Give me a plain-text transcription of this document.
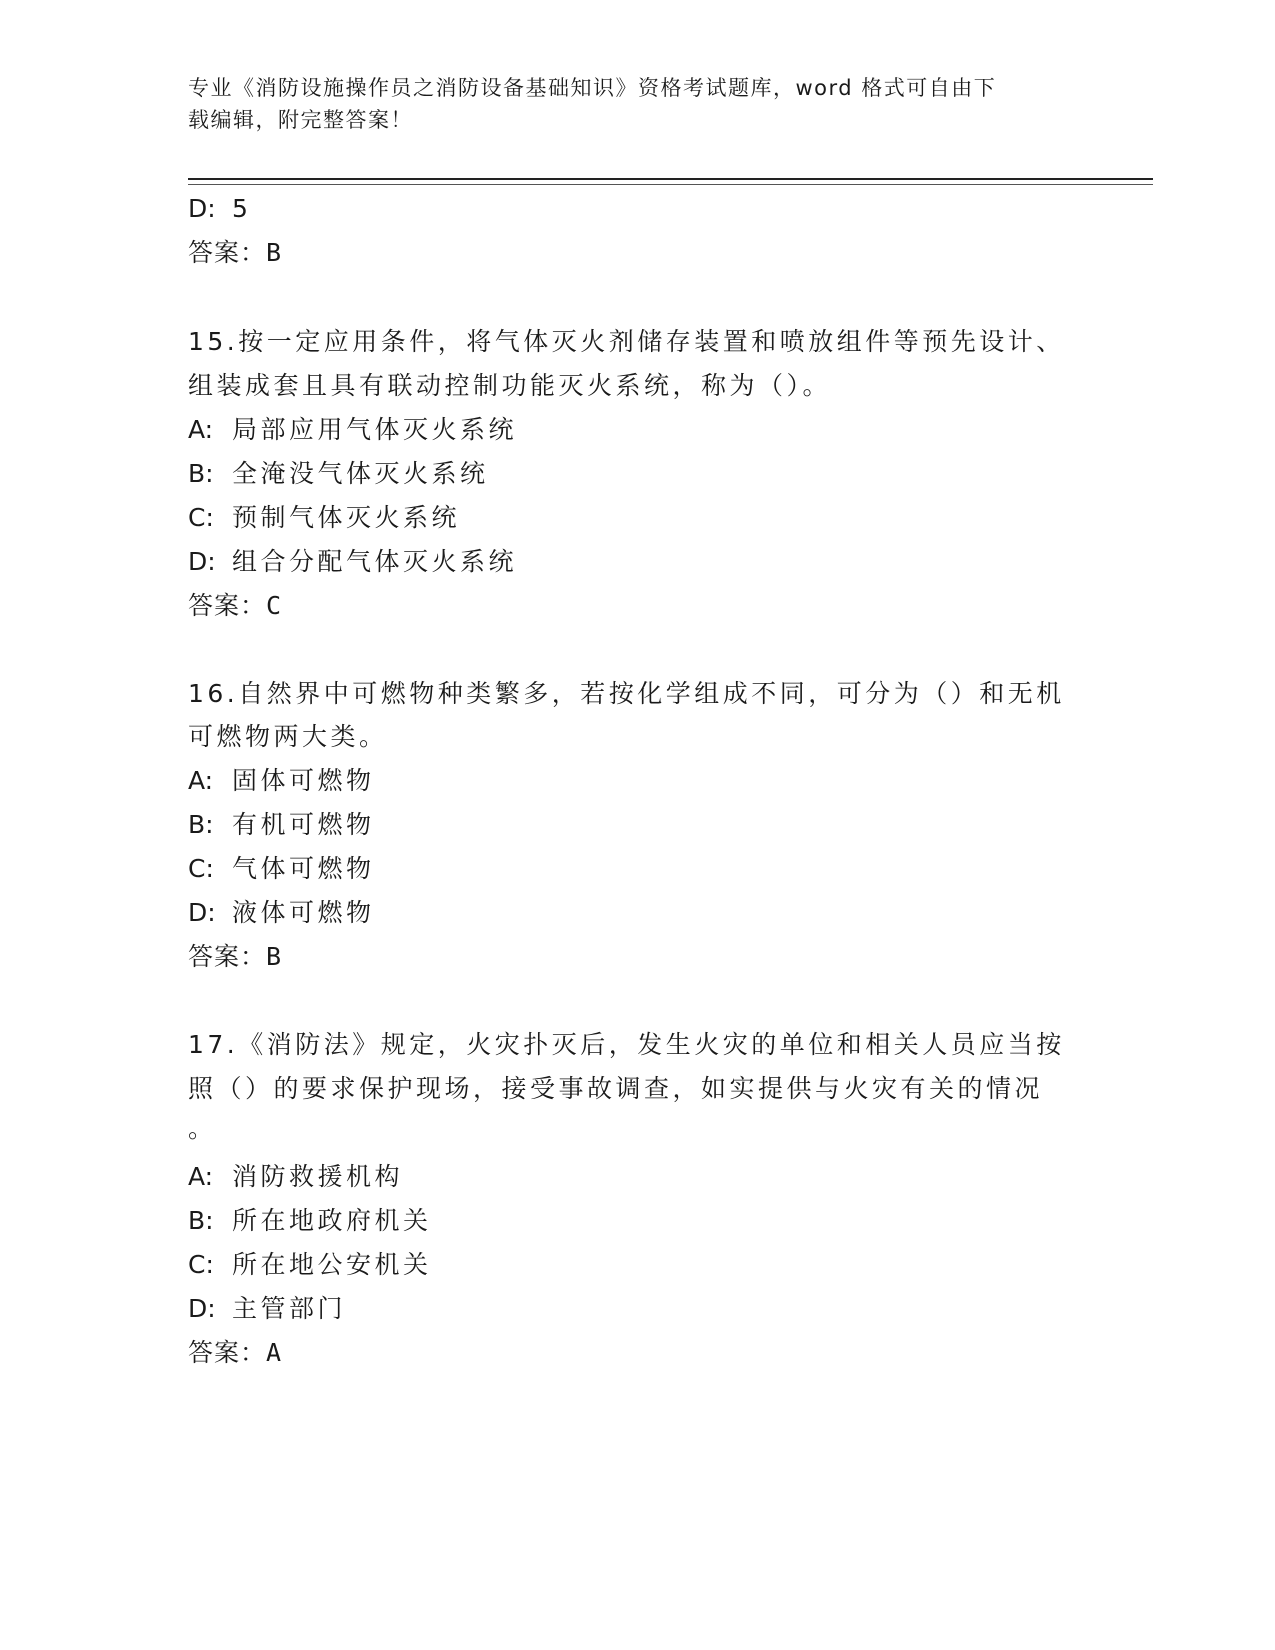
专业《消防设施操作员之消防设备基础知识》资格考试题库，word 格式可自由下
载编辑，附完整答案！
D: 5
答案：B
15.按一定应用条件，将气体灭火剂储存装置和喷放组件等预先设计、
组装成套且具有联动控制功能灭火系统，称为（）。
A: 局部应用气体灭火系统
B: 全淹没气体灭火系统
C: 预制气体灭火系统
D: 组合分配气体灭火系统
答案：C
16.自然界中可燃物种类繁多，若按化学组成不同，可分为（）和无机
可燃物两大类。
A: 固体可燃物
B: 有机可燃物
C: 气体可燃物
D: 液体可燃物
答案：B
17.《消防法》规定，火灾扑灭后，发生火灾的单位和相关人员应当按
照（）的要求保护现场，接受事故调查，如实提供与火灾有关的情况
。
A: 消防救援机构
B: 所在地政府机关
C: 所在地公安机关
D: 主管部门
答案：A
